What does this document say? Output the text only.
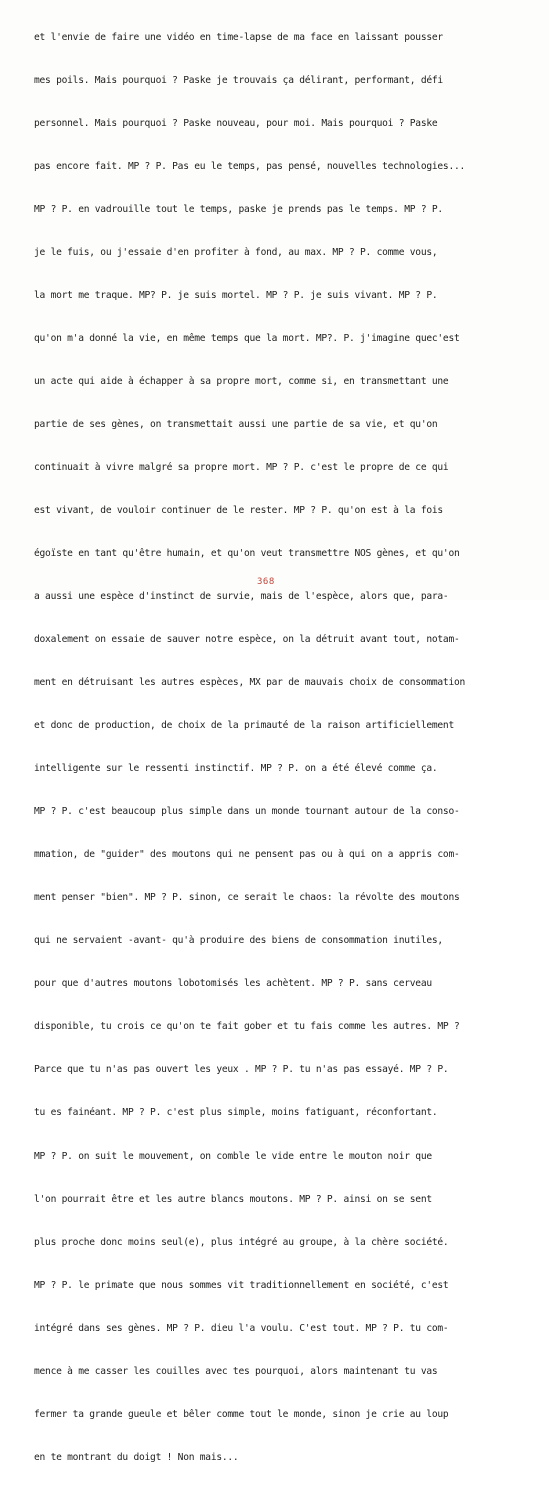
et l'envie de faire une vidéo en time-lapse de ma face en laissant pousser

mes poils. Mais pourquoi ? Paske je trouvais ça délirant, performant, défi

personnel. Mais pourquoi ? Paske nouveau, pour moi. Mais pourquoi ? Paske

pas encore fait. MP ? P. Pas eu le temps, pas pensé, nouvelles technologies...

MP ? P. en vadrouille tout le temps, paske je prends pas le temps. MP ? P.

je le fuis, ou j'essaie d'en profiter à fond, au max. MP ? P. comme vous,

la mort me traque. MP? P. je suis mortel. MP ? P. je suis vivant. MP ? P.

qu'on m'a donné la vie, en même temps que la mort. MP?. P. j'imagine quec'est

un acte qui aide à échapper à sa propre mort, comme si, en transmettant une

partie de ses gènes, on transmettait aussi une partie de sa vie, et qu'on

continuait à vivre malgré sa propre mort. MP ? P. c'est le propre de ce qui

est vivant, de vouloir continuer de le rester. MP ? P. qu'on est à la fois

égoïste en tant qu'être humain, et qu'on veut transmettre NOS gènes, et qu'on

a aussi une espèce d'instinct de survie, mais de l'espèce, alors que, para-

doxalement on essaie de sauver notre espèce, on la détruit avant tout, notam-

ment en détruisant les autres espèces, MX par de mauvais choix de consommation

et donc de production, de choix de la primauté de la raison artificiellement

intelligente sur le ressenti instinctif. MP ? P. on a été élevé comme ça.

MP ? P. c'est beaucoup plus simple dans un monde tournant autour de la conso-

mmation, de "guider" des moutons qui ne pensent pas ou à qui on a appris com-

ment penser "bien". MP ? P. sinon, ce serait le chaos: la révolte des moutons

qui ne servaient -avant- qu'à produire des biens de consommation inutiles,

pour que d'autres moutons lobotomisés les achètent. MP ? P. sans cerveau

disponible, tu crois ce qu'on te fait gober et tu fais comme les autres. MP ?

Parce que tu n'as pas ouvert les yeux . MP ? P. tu n'as pas essayé. MP ? P.

tu es fainéant. MP ? P. c'est plus simple, moins fatiguant, réconfortant.

MP ? P. on suit le mouvement, on comble le vide entre le mouton noir que

l'on pourrait être et les autre blancs moutons. MP ? P. ainsi on se sent

plus proche donc moins seul(e), plus intégré au groupe, à la chère société.

MP ? P. le primate que nous sommes vit traditionnellement en société, c'est

intégré dans ses gènes. MP ? P. dieu l'a voulu. C'est tout. MP ? P. tu com-

mence à me casser les couilles avec tes pourquoi, alors maintenant tu vas

fermer ta grande gueule et bêler comme tout le monde, sinon je crie au loup

en te montrant du doigt ! Non mais...

368
